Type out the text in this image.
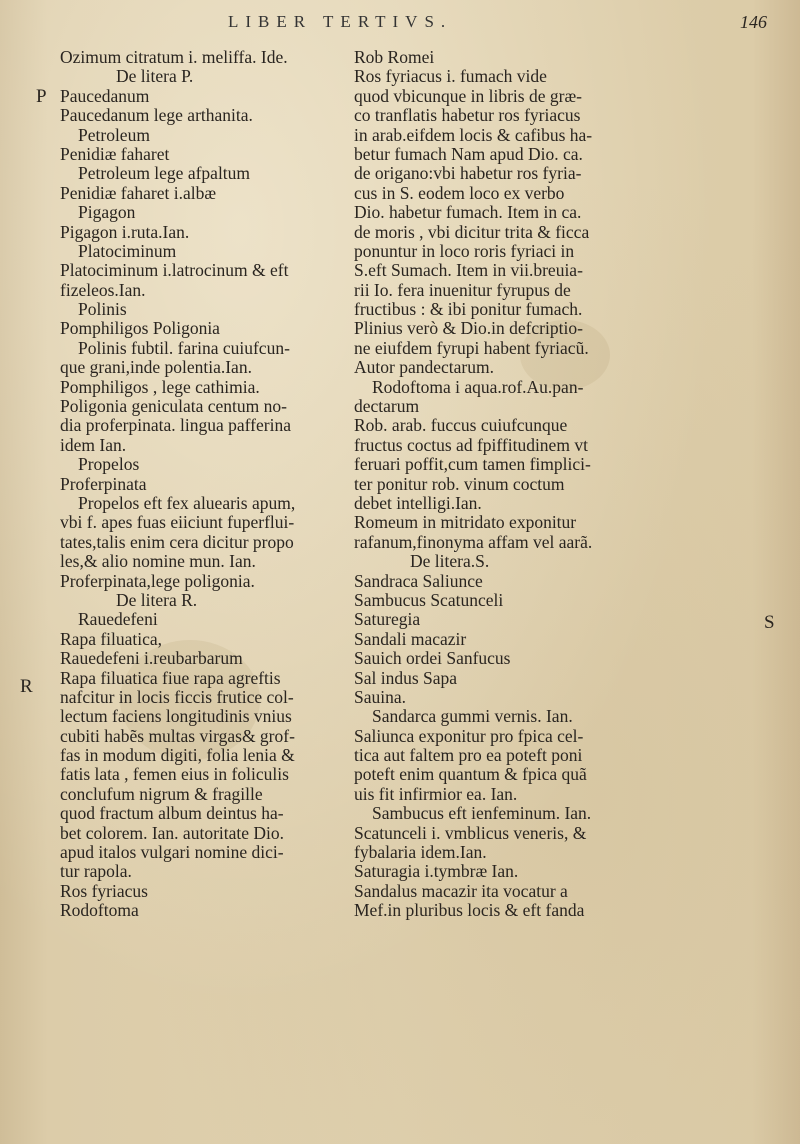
LIBER TERTIVS.	146
P
R
S
Ozimum citratum i. meliffa. Ide.
De litera P.
Paucedanum
Paucedanum lege arthanita.
Petroleum
Penidiæ faharet
Petroleum lege afpaltum
Penidiæ faharet i.albæ
Pigagon
Pigagon i.ruta.Ian.
Platociminum
Platociminum i.latrocinum & eft
fizeleos.Ian.
Polinis
Pomphiligos Poligonia
Polinis fubtil. farina cuiufcun-
que grani,inde polentia.Ian.
Pomphiligos , lege cathimia.
Poligonia geniculata centum no-
dia proferpinata. lingua pafferina
idem Ian.
Propelos
Proferpinata
Propelos eft fex aluearis apum,
vbi f. apes fuas eiiciunt fuperflui-
tates,talis enim cera dicitur propo
les,& alio nomine mun. Ian.
Proferpinata,lege poligonia.
De litera R.
Rauedefeni
Rapa filuatica,
Rauedefeni i.reubarbarum
Rapa filuatica fiue rapa agreftis
nafcitur in locis ficcis frutice col-
lectum faciens longitudinis vnius
cubiti habẽs multas virgas& grof-
fas in modum digiti, folia lenia &
fatis lata , femen eius in foliculis
conclufum nigrum & fragille
quod fractum album deintus ha-
bet colorem. Ian. autoritate Dio.
apud italos vulgari nomine dici-
tur rapola.
Ros fyriacus
Rodoftoma
Rob Romei
Ros fyriacus i. fumach vide
quod vbicunque in libris de græ-
co tranflatis habetur ros fyriacus
in arab.eifdem locis & cafibus ha-
betur fumach Nam apud Dio. ca.
de origano:vbi habetur ros fyria-
cus in S. eodem loco ex verbo
Dio. habetur fumach. Item in ca.
de moris , vbi dicitur trita & ficca
ponuntur in loco roris fyriaci in
S.eft Sumach. Item in vii.breuia-
rii Io. fera inuenitur fyrupus de
fructibus : & ibi ponitur fumach.
Plinius verò & Dio.in defcriptio-
ne eiufdem fyrupi habent fyriacũ.
Autor pandectarum.
Rodoftoma i aqua.rof.Au.pan-
dectarum
Rob. arab. fuccus cuiufcunque
fructus coctus ad fpiffitudinem vt
feruari poffit,cum tamen fimplici-
ter ponitur rob. vinum coctum
debet intelligi.Ian.
Romeum in mitridato exponitur
rafanum,finonyma affam vel aarã.
De litera.S.
Sandraca Saliunce
Sambucus Scatunceli
Saturegia
Sandali macazir
Sauich ordei Sanfucus
Sal indus Sapa
Sauina.
Sandarca gummi vernis. Ian.
Saliunca exponitur pro fpica cel-
tica aut faltem pro ea poteft poni
poteft enim quantum & fpica quã
uis fit infirmior ea. Ian.
Sambucus eft ienfeminum. Ian.
Scatunceli i. vmblicus veneris, &
fybalaria idem.Ian.
Saturagia i.tymbræ Ian.
Sandalus macazir ita vocatur a
Mef.in pluribus locis & eft fanda
